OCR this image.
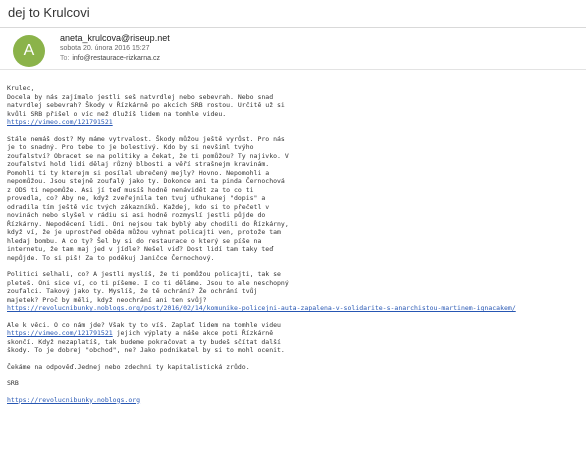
dej to Krulcovi
A
aneta_krulcova@riseup.net
sobota 20. února 2016 15:27
To: info@restaurace-rizkarna.cz
Krulec,
Docela by nás zajímalo jestli seš natvrdlej nebo sebevrah. Nebo snad
natvrdlej sebevrah? Škody v Řízkárně po akcích SRB rostou. Určitě už si
kvůli SRB přišel o víc než dlužíš lidem na tomhle videu.
https://vimeo.com/121791521
Stále nemáš dost? My máme vytrvalost. Škody můžou ještě vyrůst. Pro nás
je to snadný. Pro tebe to je bolestivý. Kdo by si nevšiml tvýho
zoufalství? Obracet se na politiky a čekat, že ti pomůžou? Ty najivko. V
zoufalství hold lidi dělaj různý blbosti a věří strašnejm kravinám.
Pomohli ti ty kterejm si posílal ubrečený mejly? Hovno. Nepomohli a
nepomůžou. Jsou stejně zoufalý jako ty. Dokonce ani ta pinda Černochová
z ODS ti nepomůže. Asi jí teď musíš hodně nenávidět za to co ti
provedla, co? Aby ne, když zveřejnila ten tvuj uťhukanej "dopis" a
odradila tím ještě víc tvých zákazníků. Každej, kdo si to přečetl v
novinách nebo slyšel v rádiu si asi hodně rozmyslí jestli půjde do
Řízkárny. Nepoděcení lidi. Oni nejsou tak byblý aby chodili do Řízkárny,
když ví, že je uprostřed oběda můžou vyhnat policajti ven, protože tam
hledaj bombu. A co ty? Šel by si do restaurace o který se píše na
internetu, že tam maj jed v jídle? Nešel viď? Dost lidí tam taky teď
nepůjde. To si piš! Za to poděkuj Janičce Černochový.
Politici selhali, co? A jestli myslíš, že ti pomůžou policajti, tak se
pleteš. Oni sice ví, co ti píšeme. I co ti děláme. Jsou to ale neschopný
zoufalci. Takový jako ty. Myslíš, že tě ochrání? Že ochrání tvůj
majetek? Proč by měli, když neochrání ani ten svůj?
https://revolucnibunky.noblogs.org/post/2016/02/14/komunike-policejni-auta-zapalena-v-solidarite-s-anarchistou-martinem-ignacakem/
Ale k věci. O co nám jde? Však ty to víš. Zaplať lidem na tomhle videu
https://vimeo.com/121791521 jejich výplaty a náše akce poti Řízkárně
skončí. Když nezaplatíš, tak budeme pokračovat a ty budeš sčítat další
škody. To je dobrej "obchod", ne? Jako podnikatel by si to mohl ocenit.
Čekáme na odpověď.Jednej nebo zdechni ty kapitalistická zrůdo.
SRB
https://revolucnibunky.noblogs.org
